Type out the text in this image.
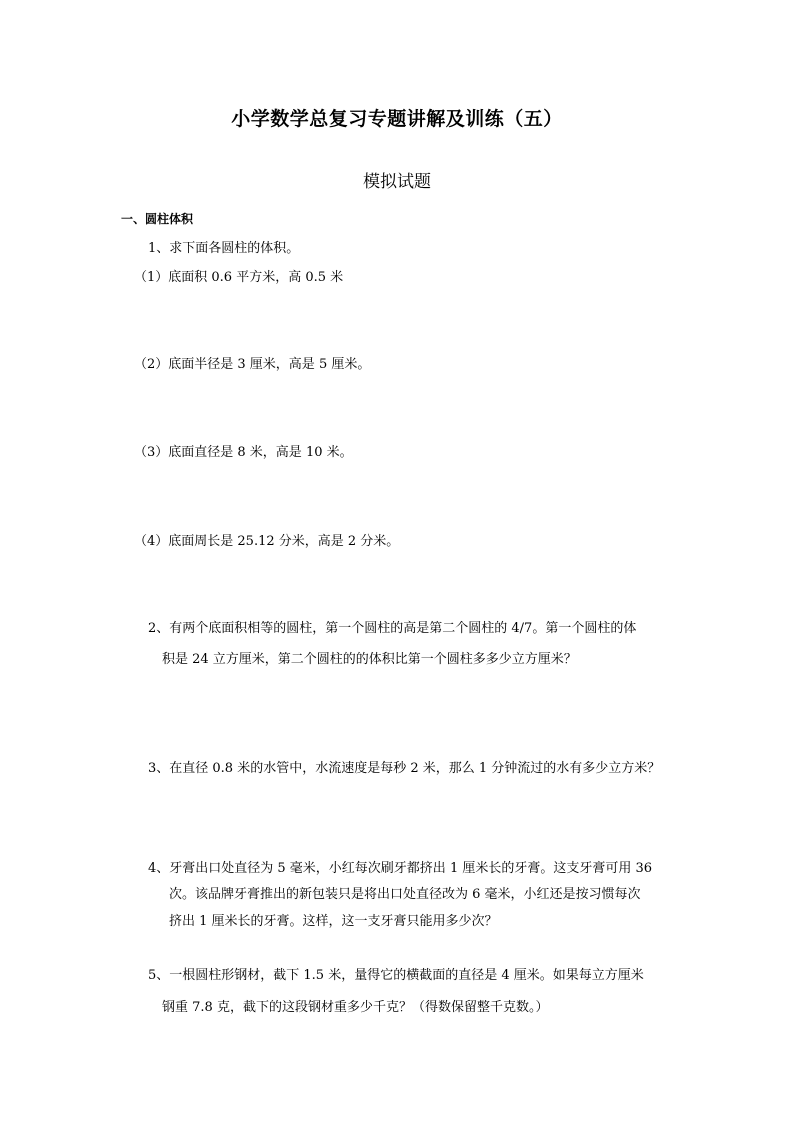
小学数学总复习专题讲解及训练（五）
模拟试题
一、圆柱体积
1、求下面各圆柱的体积。
（1）底面积 0.6 平方米，高 0.5 米
（2）底面半径是 3 厘米，高是 5 厘米。
（3）底面直径是 8 米，高是 10 米。
（4）底面周长是 25.12 分米，高是 2 分米。
2、有两个底面积相等的圆柱，第一个圆柱的高是第二个圆柱的 4/7。第一个圆柱的体
积是 24 立方厘米，第二个圆柱的的体积比第一个圆柱多多少立方厘米？
3、在直径 0.8 米的水管中，水流速度是每秒 2 米，那么 1 分钟流过的水有多少立方米？
4、牙膏出口处直径为 5 毫米，小红每次刷牙都挤出 1 厘米长的牙膏。这支牙膏可用 36
次。该品牌牙膏推出的新包装只是将出口处直径改为 6 毫米，小红还是按习惯每次
挤出 1 厘米长的牙膏。这样，这一支牙膏只能用多少次？
5、一根圆柱形钢材，截下 1.5 米，量得它的横截面的直径是 4 厘米。如果每立方厘米
钢重 7.8 克，截下的这段钢材重多少千克？（得数保留整千克数。）
